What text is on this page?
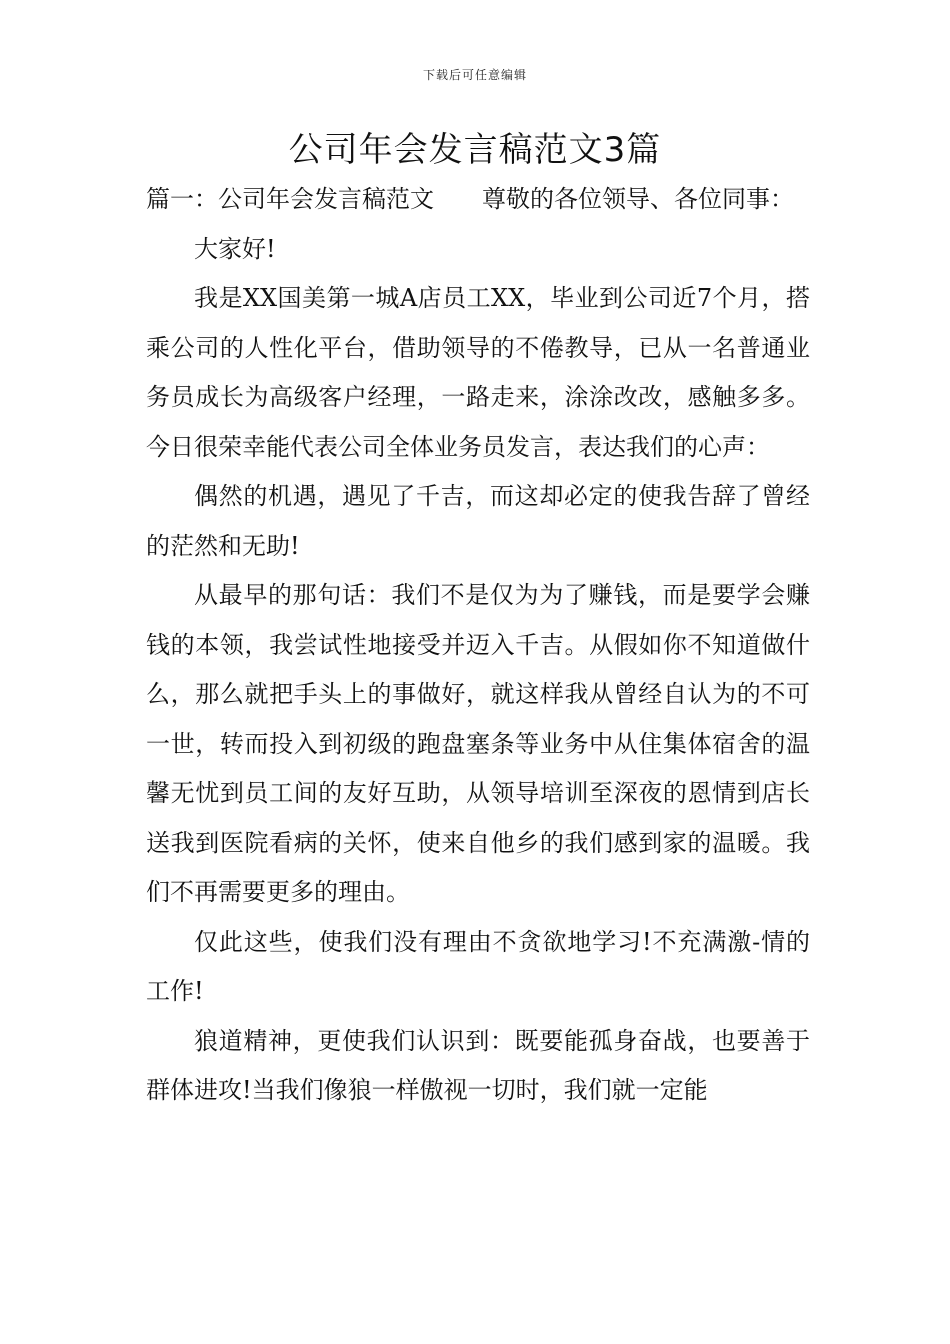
下载后可任意编辑
公司年会发言稿范文3篇

篇一：公司年会发言稿范文 尊敬的各位领导、各位同事：

大家好!

我是XX国美第一城A店员工XX，毕业到公司近7个月，搭乘公司的人性化平台，借助领导的不倦教导，已从一名普通业务员成长为高级客户经理，一路走来，涂涂改改，感触多多。今日很荣幸能代表公司全体业务员发言，表达我们的心声：

偶然的机遇，遇见了千吉，而这却必定的使我告辞了曾经的茫然和无助!

从最早的那句话：我们不是仅为为了赚钱，而是要学会赚钱的本领，我尝试性地接受并迈入千吉。从假如你不知道做什么，那么就把手头上的事做好，就这样我从曾经自认为的不可一世，转而投入到初级的跑盘塞条等业务中从住集体宿舍的温馨无忧到员工间的友好互助，从领导培训至深夜的恩情到店长送我到医院看病的关怀，使来自他乡的我们感到家的温暖。我们不再需要更多的理由。

仅此这些，使我们没有理由不贪欲地学习!不充满激-情的工作!

狼道精神，更使我们认识到：既要能孤身奋战，也要善于群体进攻!当我们像狼一样傲视一切时，我们就一定能
